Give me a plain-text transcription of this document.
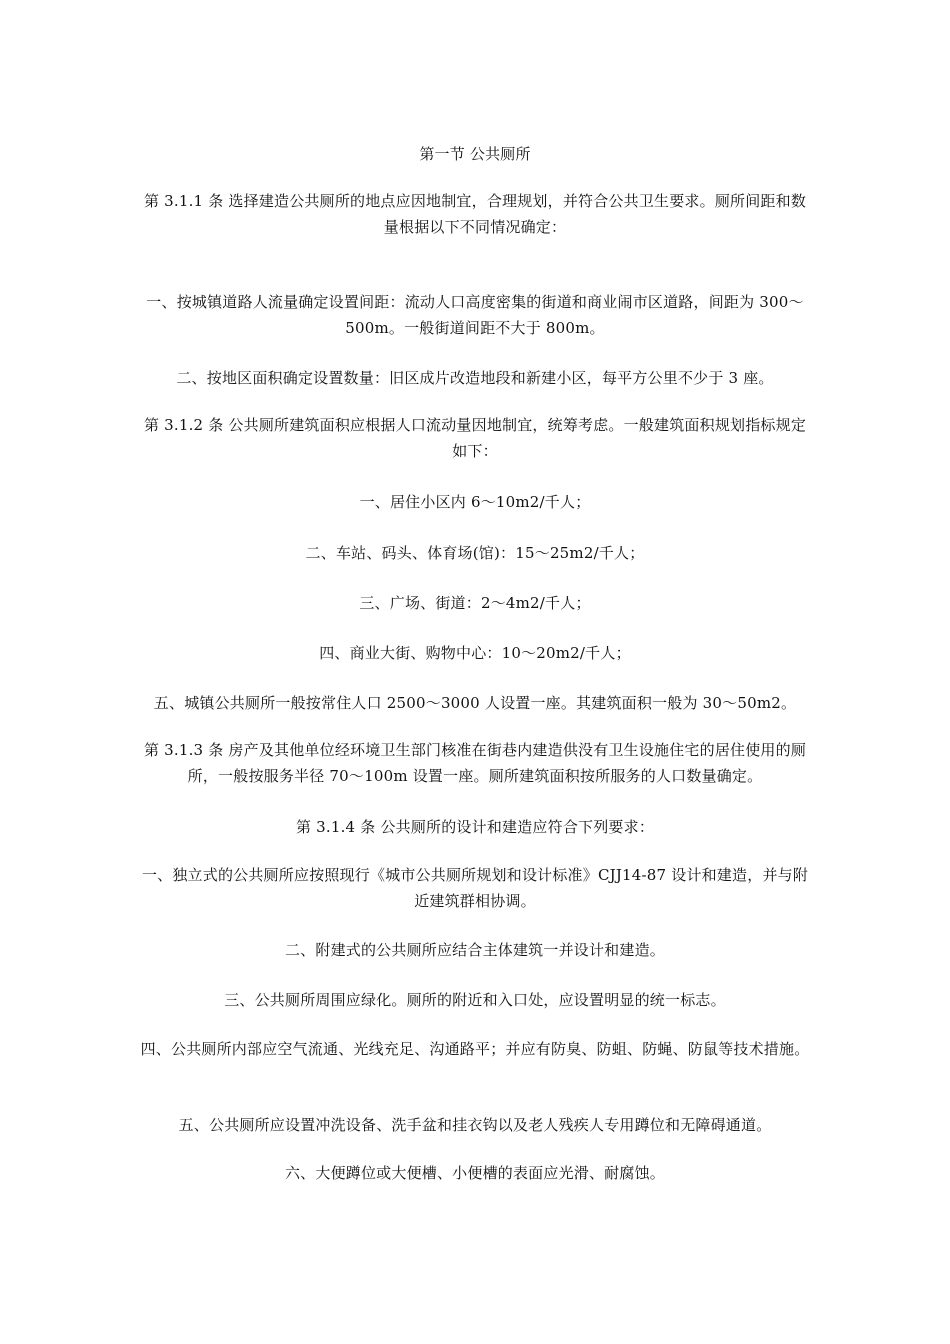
第一节 公共厕所
第 3.1.1 条 选择建造公共厕所的地点应因地制宜，合理规划，并符合公共卫生要求。厕所间距和数量根据以下不同情况确定：
一、按城镇道路人流量确定设置间距：流动人口高度密集的街道和商业闹市区道路，间距为 300～500m。一般街道间距不大于 800m。
二、按地区面积确定设置数量：旧区成片改造地段和新建小区，每平方公里不少于 3 座。
第 3.1.2 条 公共厕所建筑面积应根据人口流动量因地制宜，统筹考虑。一般建筑面积规划指标规定如下：
一、居住小区内 6～10m2/千人；
二、车站、码头、体育场(馆)：15～25m2/千人；
三、广场、街道：2～4m2/千人；
四、商业大街、购物中心：10～20m2/千人；
五、城镇公共厕所一般按常住人口 2500～3000 人设置一座。其建筑面积一般为 30～50m2。
第 3.1.3 条 房产及其他单位经环境卫生部门核准在街巷内建造供没有卫生设施住宅的居住使用的厕所，一般按服务半径 70～100m 设置一座。厕所建筑面积按所服务的人口数量确定。
第 3.1.4 条 公共厕所的设计和建造应符合下列要求：
一、独立式的公共厕所应按照现行《城市公共厕所规划和设计标准》CJJ14-87 设计和建造，并与附近建筑群相协调。
二、附建式的公共厕所应结合主体建筑一并设计和建造。
三、公共厕所周围应绿化。厕所的附近和入口处，应设置明显的统一标志。
四、公共厕所内部应空气流通、光线充足、沟通路平；并应有防臭、防蛆、防蝇、防鼠等技术措施。
五、公共厕所应设置冲洗设备、洗手盆和挂衣钩以及老人残疾人专用蹲位和无障碍通道。
六、大便蹲位或大便槽、小便槽的表面应光滑、耐腐蚀。
